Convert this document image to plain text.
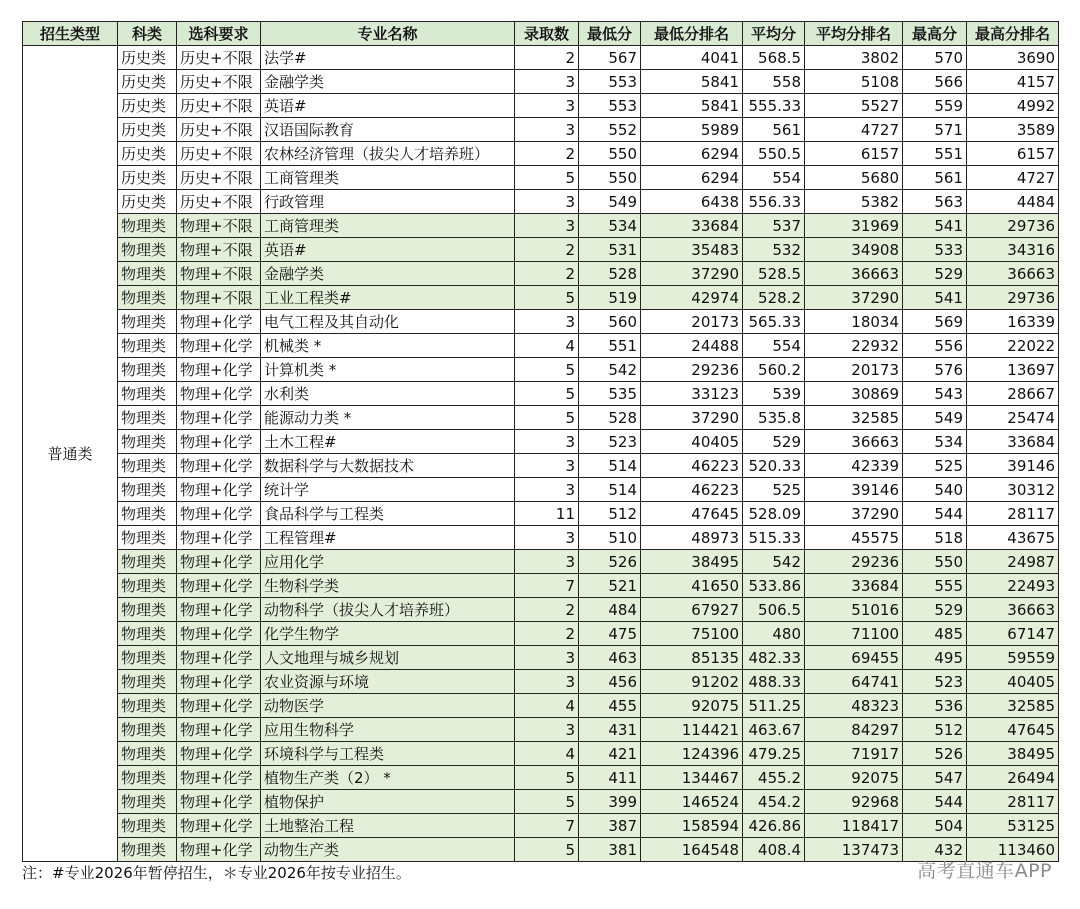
招生类型	科类	选科要求	专业名称	录取数	最低分	最低分排名	平均分	平均分排名	最高分	最高分排名
普通类	历史类	历史+不限	法学#	2	567	4041	568.5	3802	570	3690
	历史类	历史+不限	金融学类	3	553	5841	558	5108	566	4157
	历史类	历史+不限	英语#	3	553	5841	555.33	5527	559	4992
	历史类	历史+不限	汉语国际教育	3	552	5989	561	4727	571	3589
	历史类	历史+不限	农林经济管理（拔尖人才培养班）	2	550	6294	550.5	6157	551	6157
	历史类	历史+不限	工商管理类	5	550	6294	554	5680	561	4727
	历史类	历史+不限	行政管理	3	549	6438	556.33	5382	563	4484
	物理类	物理+不限	工商管理类	3	534	33684	537	31969	541	29736
	物理类	物理+不限	英语#	2	531	35483	532	34908	533	34316
	物理类	物理+不限	金融学类	2	528	37290	528.5	36663	529	36663
	物理类	物理+不限	工业工程类#	5	519	42974	528.2	37290	541	29736
	物理类	物理+化学	电气工程及其自动化	3	560	20173	565.33	18034	569	16339
	物理类	物理+化学	机械类 *	4	551	24488	554	22932	556	22022
	物理类	物理+化学	计算机类 *	5	542	29236	560.2	20173	576	13697
	物理类	物理+化学	水利类	5	535	33123	539	30869	543	28667
	物理类	物理+化学	能源动力类 *	5	528	37290	535.8	32585	549	25474
	物理类	物理+化学	土木工程#	3	523	40405	529	36663	534	33684
	物理类	物理+化学	数据科学与大数据技术	3	514	46223	520.33	42339	525	39146
	物理类	物理+化学	统计学	3	514	46223	525	39146	540	30312
	物理类	物理+化学	食品科学与工程类	11	512	47645	528.09	37290	544	28117
	物理类	物理+化学	工程管理#	3	510	48973	515.33	45575	518	43675
	物理类	物理+化学	应用化学	3	526	38495	542	29236	550	24987
	物理类	物理+化学	生物科学类	7	521	41650	533.86	33684	555	22493
	物理类	物理+化学	动物科学（拔尖人才培养班）	2	484	67927	506.5	51016	529	36663
	物理类	物理+化学	化学生物学	2	475	75100	480	71100	485	67147
	物理类	物理+化学	人文地理与城乡规划	3	463	85135	482.33	69455	495	59559
	物理类	物理+化学	农业资源与环境	3	456	91202	488.33	64741	523	40405
	物理类	物理+化学	动物医学	4	455	92075	511.25	48323	536	32585
	物理类	物理+化学	应用生物科学	3	431	114421	463.67	84297	512	47645
	物理类	物理+化学	环境科学与工程类	4	421	124396	479.25	71917	526	38495
	物理类	物理+化学	植物生产类（2） *	5	411	134467	455.2	92075	547	26494
	物理类	物理+化学	植物保护	5	399	146524	454.2	92968	544	28117
	物理类	物理+化学	土地整治工程	7	387	158594	426.86	118417	504	53125
	物理类	物理+化学	动物生产类	5	381	164548	408.4	137473	432	113460
注：#专业2026年暂停招生，＊专业2026年按专业招生。	高考直通车APP
